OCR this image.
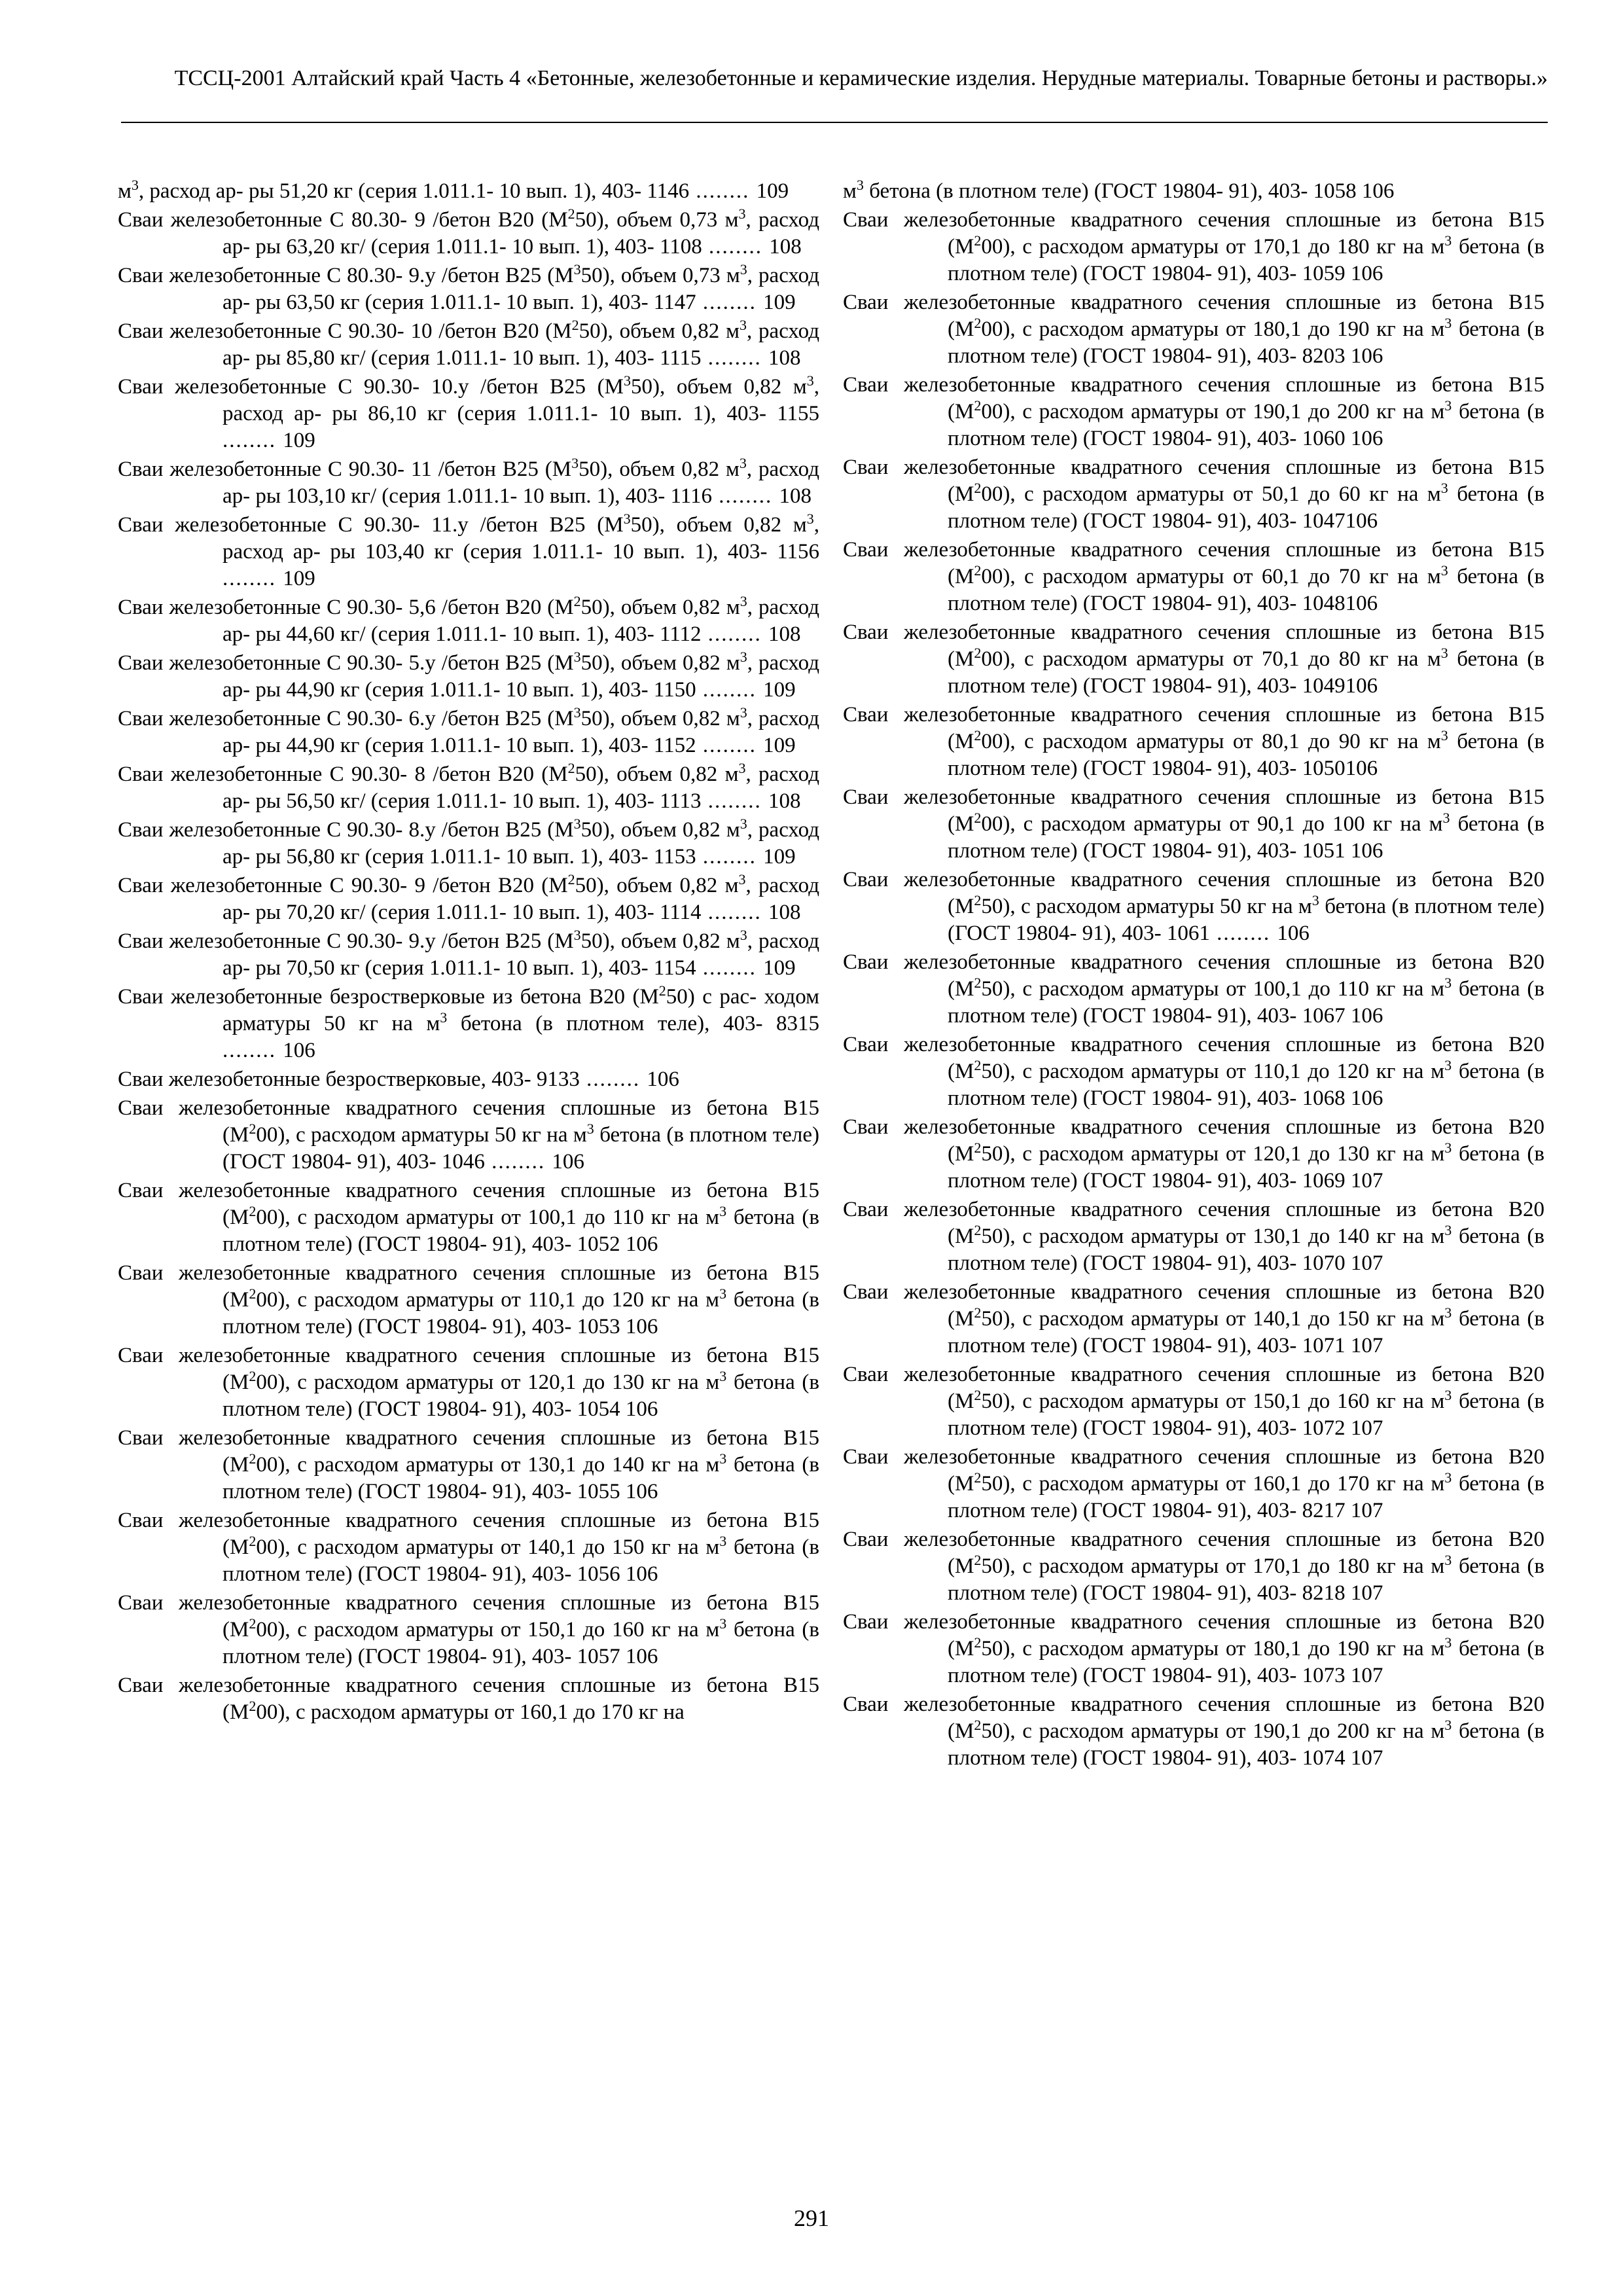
ТССЦ-2001 Алтайский край Часть 4 «Бетонные, железобетонные и керамические изделия. Нерудные материалы. Товарные бетоны и растворы.»

$м^3$, расход ар- ры 51,20 кг (серия 1.011.1- 10 вып. 1), 403- 1146 ........ 109

Сваи железобетонные С 80.30- 9 /бетон В20 $(М^250)$, объем 0,73 $м^3$, расход ар- ры 63,20 кг/ (серия 1.011.1- 10 вып. 1), 403- 1108 ........ 108

Сваи железобетонные С 80.30- 9.у /бетон В25 $(М^350)$, объем 0,73 $м^3$, расход ар- ры 63,50 кг (серия 1.011.1- 10 вып. 1), 403- 1147 ........ 109

Сваи железобетонные С 90.30- 10 /бетон В20 $(М^250)$, объем 0,82 $м^3$, расход ар- ры 85,80 кг/ (серия 1.011.1- 10 вып. 1), 403- 1115 ........ 108

Сваи железобетонные С 90.30- 10.у /бетон В25 $(М^350)$, объем 0,82 $м^3$, расход ар- ры 86,10 кг (серия 1.011.1- 10 вып. 1), 403- 1155 ........ 109

Сваи железобетонные С 90.30- 11 /бетон В25 $(М^350)$, объем 0,82 $м^3$, расход ар- ры 103,10 кг/ (серия 1.011.1- 10 вып. 1), 403- 1116 ........ 108

Сваи железобетонные С 90.30- 11.у /бетон В25 $(М^350)$, объем 0,82 $м^3$, расход ар- ры 103,40 кг (серия 1.011.1- 10 вып. 1), 403- 1156 ........ 109

Сваи железобетонные С 90.30- 5,6 /бетон В20 $(М^250)$, объем 0,82 $м^3$, расход ар- ры 44,60 кг/ (серия 1.011.1- 10 вып. 1), 403- 1112 ........ 108

Сваи железобетонные С 90.30- 5.у /бетон В25 $(М^350)$, объем 0,82 $м^3$, расход ар- ры 44,90 кг (серия 1.011.1- 10 вып. 1), 403- 1150 ........ 109

Сваи железобетонные С 90.30- 6.у /бетон В25 $(М^350)$, объем 0,82 $м^3$, расход ар- ры 44,90 кг (серия 1.011.1- 10 вып. 1), 403- 1152 ........ 109

Сваи железобетонные С 90.30- 8 /бетон В20 $(М^250)$, объем 0,82 $м^3$, расход ар- ры 56,50 кг/ (серия 1.011.1- 10 вып. 1), 403- 1113 ........ 108

Сваи железобетонные С 90.30- 8.у /бетон В25 $(М^350)$, объем 0,82 $м^3$, расход ар- ры 56,80 кг (серия 1.011.1- 10 вып. 1), 403- 1153 ........ 109

Сваи железобетонные С 90.30- 9 /бетон В20 $(М^250)$, объем 0,82 $м^3$, расход ар- ры 70,20 кг/ (серия 1.011.1- 10 вып. 1), 403- 1114 ........ 108

Сваи железобетонные С 90.30- 9.у /бетон В25 $(М^350)$, объем 0,82 $м^3$, расход ар- ры 70,50 кг (серия 1.011.1- 10 вып. 1), 403- 1154 ........ 109

Сваи железобетонные безростверковые из бетона В20 $(М^250)$ с рас- ходом арматуры 50 кг на $м^3$ бетона (в плотном теле), 403- 8315 ........ 106

Сваи железобетонные безростверковые, 403- 9133 ........ 106

Сваи железобетонные квадратного сечения сплошные из бетона В15 $(М^200)$, с расходом арматуры 50 кг на $м^3$ бетона (в плотном теле) (ГОСТ 19804- 91), 403- 1046 ........ 106

Сваи железобетонные квадратного сечения сплошные из бетона В15 $(М^200)$, с расходом арматуры от 100,1 до 110 кг на $м^3$ бетона (в плотном теле) (ГОСТ 19804- 91), 403- 1052 106

Сваи железобетонные квадратного сечения сплошные из бетона В15 $(М^200)$, с расходом арматуры от 110,1 до 120 кг на $м^3$ бетона (в плотном теле) (ГОСТ 19804- 91), 403- 1053 106

Сваи железобетонные квадратного сечения сплошные из бетона В15 $(М^200)$, с расходом арматуры от 120,1 до 130 кг на $м^3$ бетона (в плотном теле) (ГОСТ 19804- 91), 403- 1054 106

Сваи железобетонные квадратного сечения сплошные из бетона В15 $(М^200)$, с расходом арматуры от 130,1 до 140 кг на $м^3$ бетона (в плотном теле) (ГОСТ 19804- 91), 403- 1055 106

Сваи железобетонные квадратного сечения сплошные из бетона В15 $(М^200)$, с расходом арматуры от 140,1 до 150 кг на $м^3$ бетона (в плотном теле) (ГОСТ 19804- 91), 403- 1056 106

Сваи железобетонные квадратного сечения сплошные из бетона В15 $(М^200)$, с расходом арматуры от 150,1 до 160 кг на $м^3$ бетона (в плотном теле) (ГОСТ 19804- 91), 403- 1057 106

Сваи железобетонные квадратного сечения сплошные из бетона В15 $(М^200)$, с расходом арматуры от 160,1 до 170 кг на

$м^3$ бетона (в плотном теле) (ГОСТ 19804- 91), 403- 1058 106

Сваи железобетонные квадратного сечения сплошные из бетона В15 $(М^200)$, с расходом арматуры от 170,1 до 180 кг на $м^3$ бетона (в плотном теле) (ГОСТ 19804- 91), 403- 1059 106

Сваи железобетонные квадратного сечения сплошные из бетона В15 $(М^200)$, с расходом арматуры от 180,1 до 190 кг на $м^3$ бетона (в плотном теле) (ГОСТ 19804- 91), 403- 8203 106

Сваи железобетонные квадратного сечения сплошные из бетона В15 $(М^200)$, с расходом арматуры от 190,1 до 200 кг на $м^3$ бетона (в плотном теле) (ГОСТ 19804- 91), 403- 1060 106

Сваи железобетонные квадратного сечения сплошные из бетона В15 $(М^200)$, с расходом арматуры от 50,1 до 60 кг на $м^3$ бетона (в плотном теле) (ГОСТ 19804- 91), 403- 1047106

Сваи железобетонные квадратного сечения сплошные из бетона В15 $(М^200)$, с расходом арматуры от 60,1 до 70 кг на $м^3$ бетона (в плотном теле) (ГОСТ 19804- 91), 403- 1048106

Сваи железобетонные квадратного сечения сплошные из бетона В15 $(М^200)$, с расходом арматуры от 70,1 до 80 кг на $м^3$ бетона (в плотном теле) (ГОСТ 19804- 91), 403- 1049106

Сваи железобетонные квадратного сечения сплошные из бетона В15 $(М^200)$, с расходом арматуры от 80,1 до 90 кг на $м^3$ бетона (в плотном теле) (ГОСТ 19804- 91), 403- 1050106

Сваи железобетонные квадратного сечения сплошные из бетона В15 $(М^200)$, с расходом арматуры от 90,1 до 100 кг на $м^3$ бетона (в плотном теле) (ГОСТ 19804- 91), 403- 1051 106

Сваи железобетонные квадратного сечения сплошные из бетона В20 $(М^250)$, с расходом арматуры 50 кг на $м^3$ бетона (в плотном теле) (ГОСТ 19804- 91), 403- 1061 ........ 106

Сваи железобетонные квадратного сечения сплошные из бетона В20 $(М^250)$, с расходом арматуры от 100,1 до 110 кг на $м^3$ бетона (в плотном теле) (ГОСТ 19804- 91), 403- 1067 106

Сваи железобетонные квадратного сечения сплошные из бетона В20 $(М^250)$, с расходом арматуры от 110,1 до 120 кг на $м^3$ бетона (в плотном теле) (ГОСТ 19804- 91), 403- 1068 106

Сваи железобетонные квадратного сечения сплошные из бетона В20 $(М^250)$, с расходом арматуры от 120,1 до 130 кг на $м^3$ бетона (в плотном теле) (ГОСТ 19804- 91), 403- 1069 107

Сваи железобетонные квадратного сечения сплошные из бетона В20 $(М^250)$, с расходом арматуры от 130,1 до 140 кг на $м^3$ бетона (в плотном теле) (ГОСТ 19804- 91), 403- 1070 107

Сваи железобетонные квадратного сечения сплошные из бетона В20 $(М^250)$, с расходом арматуры от 140,1 до 150 кг на $м^3$ бетона (в плотном теле) (ГОСТ 19804- 91), 403- 1071 107

Сваи железобетонные квадратного сечения сплошные из бетона В20 $(М^250)$, с расходом арматуры от 150,1 до 160 кг на $м^3$ бетона (в плотном теле) (ГОСТ 19804- 91), 403- 1072 107

Сваи железобетонные квадратного сечения сплошные из бетона В20 $(М^250)$, с расходом арматуры от 160,1 до 170 кг на $м^3$ бетона (в плотном теле) (ГОСТ 19804- 91), 403- 8217 107

Сваи железобетонные квадратного сечения сплошные из бетона В20 $(М^250)$, с расходом арматуры от 170,1 до 180 кг на $м^3$ бетона (в плотном теле) (ГОСТ 19804- 91), 403- 8218 107

Сваи железобетонные квадратного сечения сплошные из бетона В20 $(М^250)$, с расходом арматуры от 180,1 до 190 кг на $м^3$ бетона (в плотном теле) (ГОСТ 19804- 91), 403- 1073 107

Сваи железобетонные квадратного сечения сплошные из бетона В20 $(М^250)$, с расходом арматуры от 190,1 до 200 кг на $м^3$ бетона (в плотном теле) (ГОСТ 19804- 91), 403- 1074 107

291
